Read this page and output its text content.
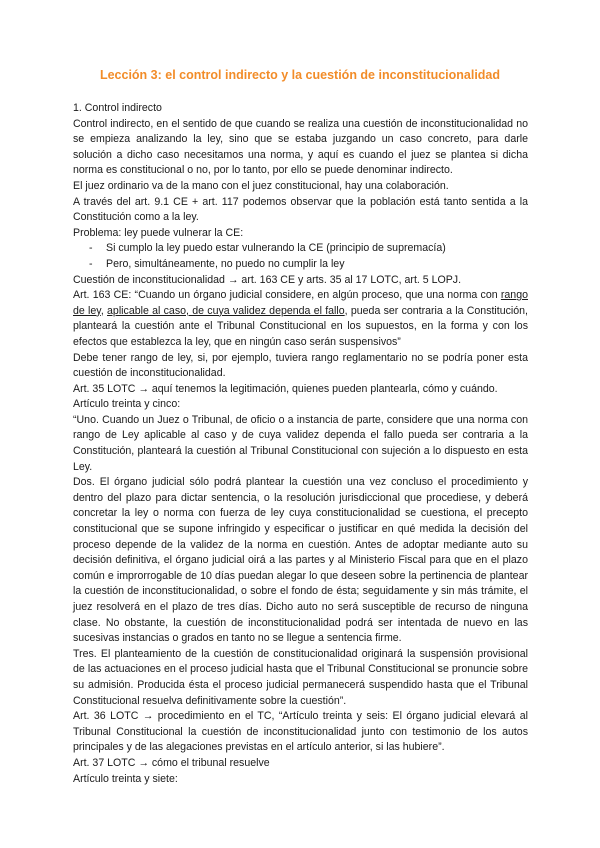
Lección 3: el control indirecto y la cuestión de inconstitucionalidad

1. Control indirecto

Control indirecto, en el sentido de que cuando se realiza una cuestión de inconstitucionalidad no se empieza analizando la ley, sino que se estaba juzgando un caso concreto, para darle solución a dicho caso necesitamos una norma, y aquí es cuando el juez se plantea si dicha norma es constitucional o no, por lo tanto, por ello se puede denominar indirecto.

El juez ordinario va de la mano con el juez constitucional, hay una colaboración.

A través del art. 9.1 CE + art. 117 podemos observar que la población está tanto sentida a la Constitución como a la ley.

Problema: ley puede vulnerar la CE:

- Si cumplo la ley puedo estar vulnerando la CE (principio de supremacía)
- Pero, simultáneamente, no puedo no cumplir la ley

Cuestión de inconstitucionalidad → art. 163 CE y arts. 35 al 17 LOTC, art. 5 LOPJ.

Art. 163 CE: “Cuando un órgano judicial considere, en algún proceso, que una norma con rango de ley, aplicable al caso, de cuya validez dependa el fallo, pueda ser contraria a la Constitución, planteará la cuestión ante el Tribunal Constitucional en los supuestos, en la forma y con los efectos que establezca la ley, que en ningún caso serán suspensivos”

Debe tener rango de ley, si, por ejemplo, tuviera rango reglamentario no se podría poner esta cuestión de inconstitucionalidad.

Art. 35 LOTC → aquí tenemos la legitimación, quienes pueden plantearla, cómo y cuándo.

Artículo treinta y cinco:

“Uno. Cuando un Juez o Tribunal, de oficio o a instancia de parte, considere que una norma con rango de Ley aplicable al caso y de cuya validez dependa el fallo pueda ser contraria a la Constitución, planteará la cuestión al Tribunal Constitucional con sujeción a lo dispuesto en esta Ley.

Dos. El órgano judicial sólo podrá plantear la cuestión una vez concluso el procedimiento y dentro del plazo para dictar sentencia, o la resolución jurisdiccional que procediese, y deberá concretar la ley o norma con fuerza de ley cuya constitucionalidad se cuestiona, el precepto constitucional que se supone infringido y especificar o justificar en qué medida la decisión del proceso depende de la validez de la norma en cuestión. Antes de adoptar mediante auto su decisión definitiva, el órgano judicial oirá a las partes y al Ministerio Fiscal para que en el plazo común e improrrogable de 10 días puedan alegar lo que deseen sobre la pertinencia de plantear la cuestión de inconstitucionalidad, o sobre el fondo de ésta; seguidamente y sin más trámite, el juez resolverá en el plazo de tres días. Dicho auto no será susceptible de recurso de ninguna clase. No obstante, la cuestión de inconstitucionalidad podrá ser intentada de nuevo en las sucesivas instancias o grados en tanto no se llegue a sentencia firme.

Tres. El planteamiento de la cuestión de constitucionalidad originará la suspensión provisional de las actuaciones en el proceso judicial hasta que el Tribunal Constitucional se pronuncie sobre su admisión. Producida ésta el proceso judicial permanecerá suspendido hasta que el Tribunal Constitucional resuelva definitivamente sobre la cuestión”.

Art. 36 LOTC → procedimiento en el TC, “Artículo treinta y seis: El órgano judicial elevará al Tribunal Constitucional la cuestión de inconstitucionalidad junto con testimonio de los autos principales y de las alegaciones previstas en el artículo anterior, si las hubiere”.

Art. 37 LOTC → cómo el tribunal resuelve

Artículo treinta y siete:
